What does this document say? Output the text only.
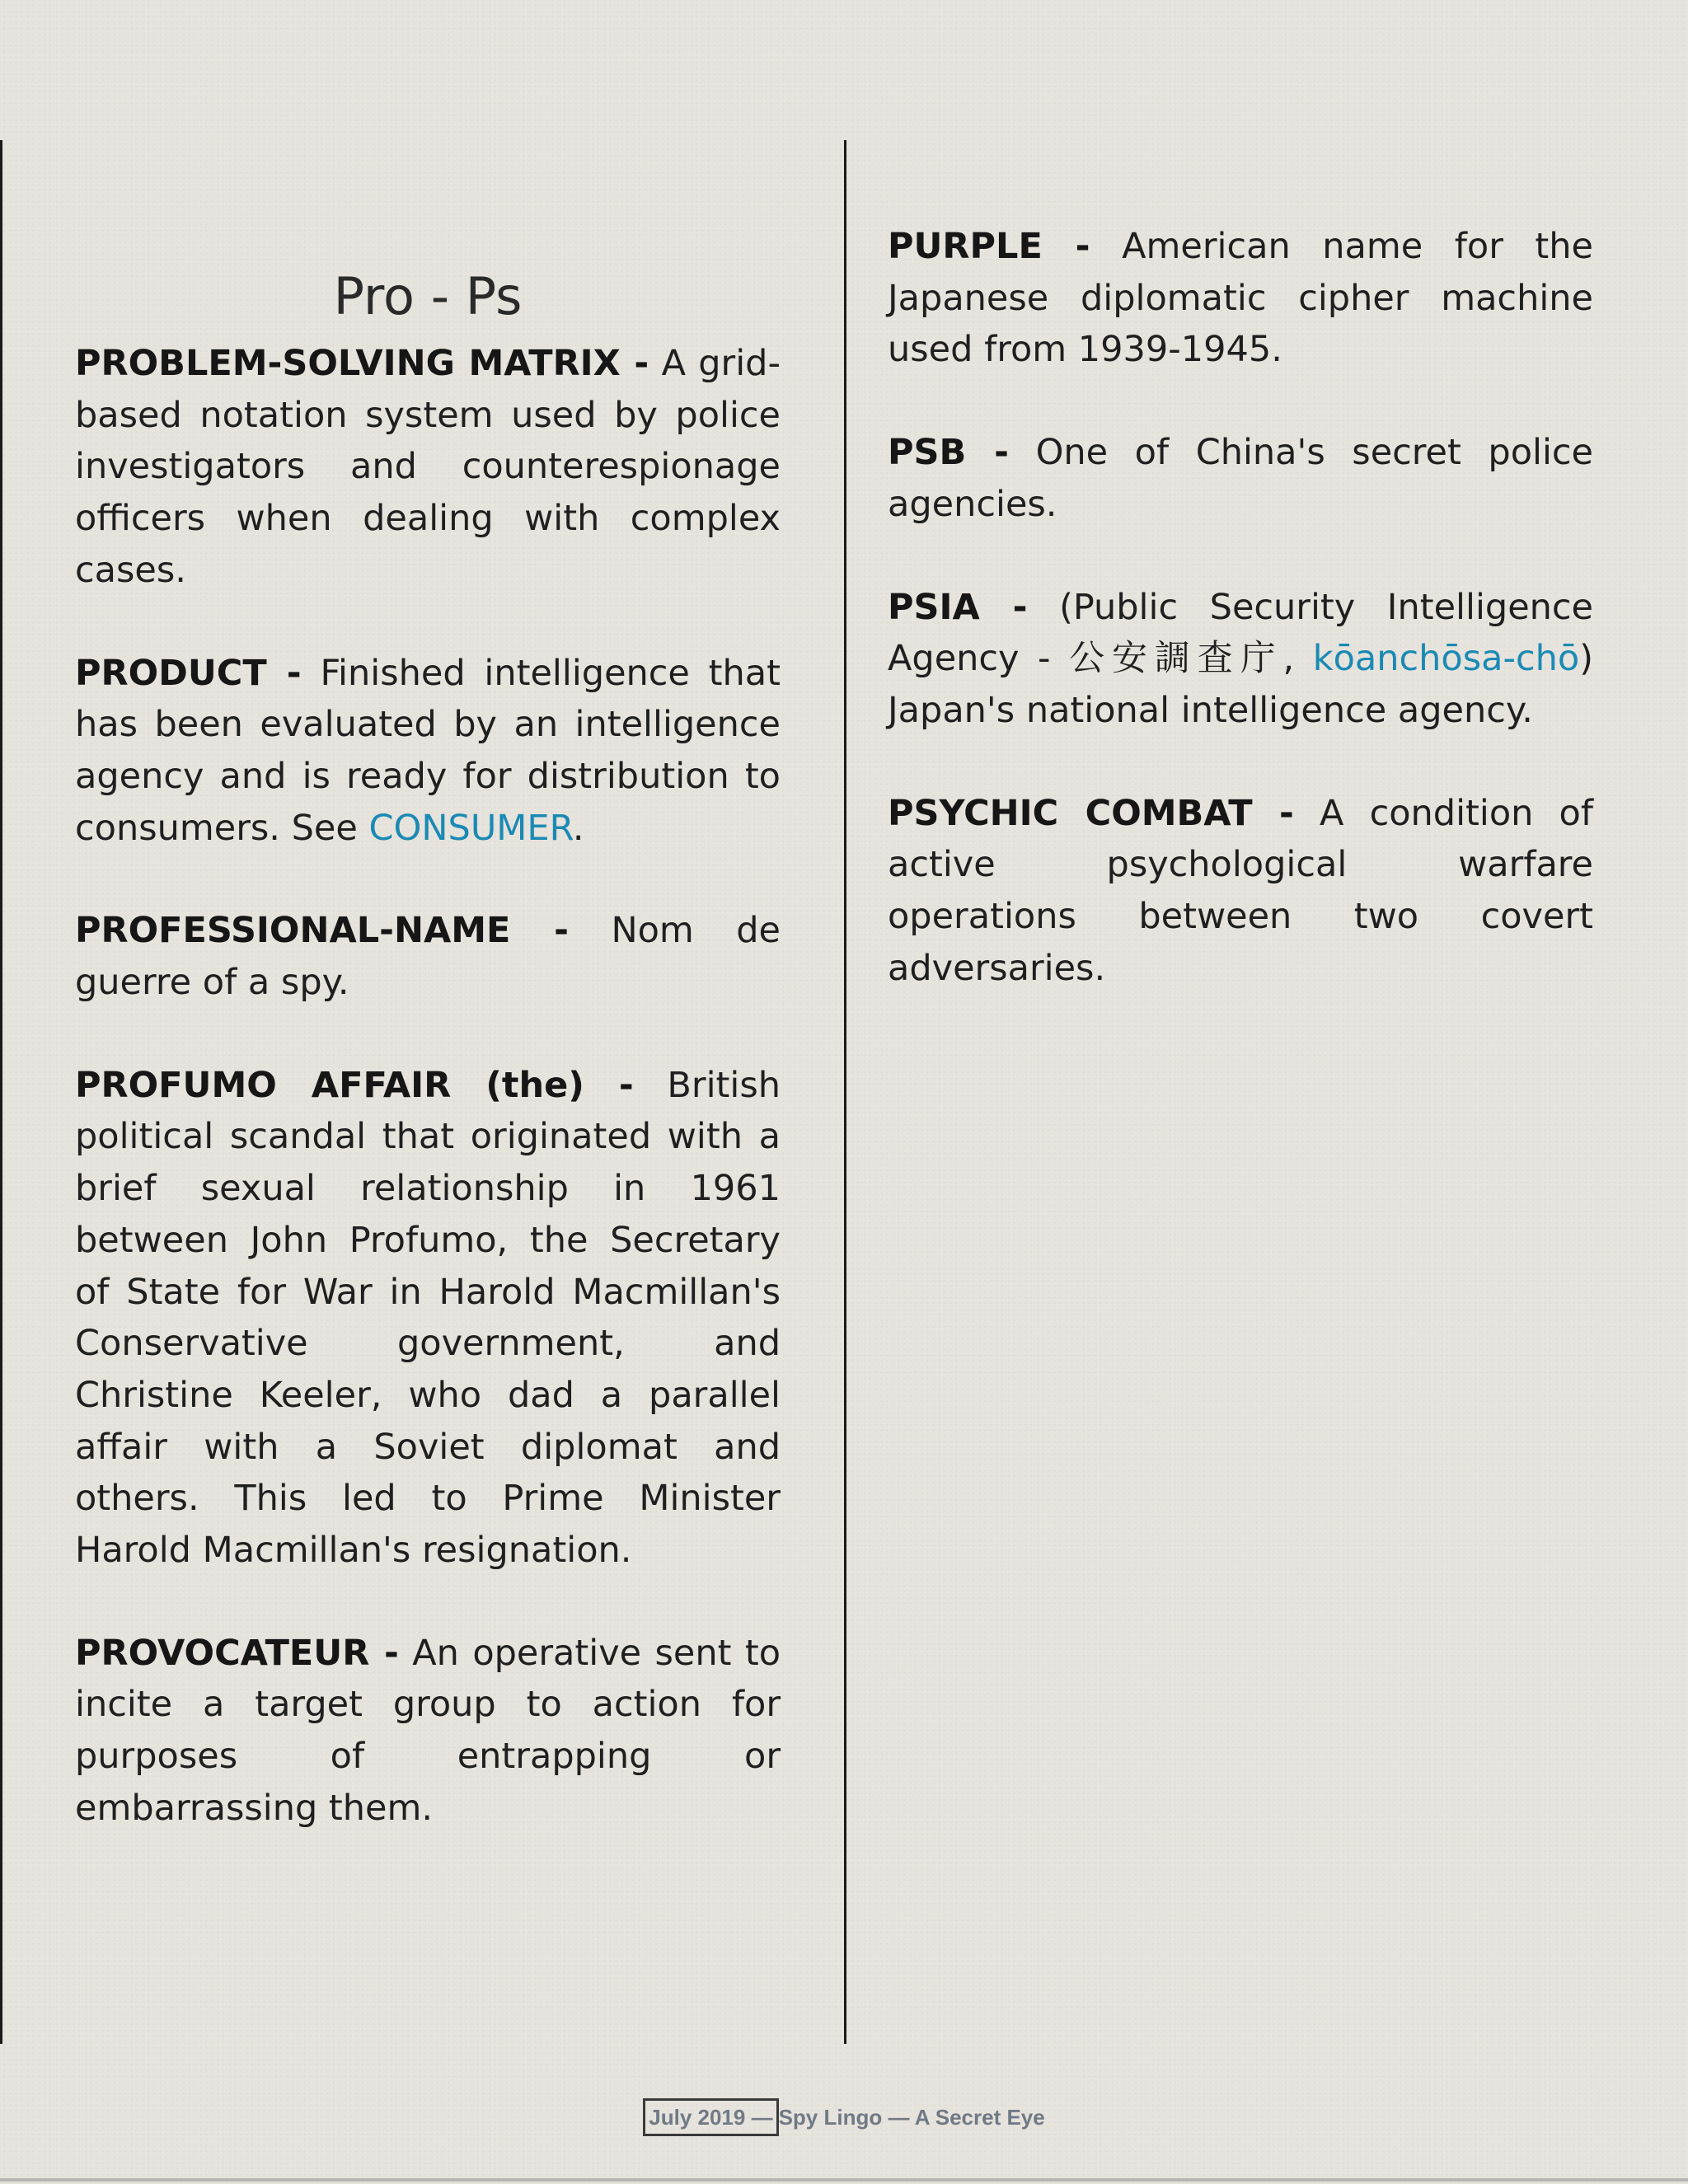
Pro - Ps

PROBLEM-SOLVING MATRIX - A grid-based notation system used by police investigators and counterespionage officers when dealing with complex cases.

PRODUCT - Finished intelligence that has been evaluated by an intelligence agency and is ready for distribution to consumers. See CONSUMER.

PROFESSIONAL-NAME - Nom de guerre of a spy.

PROFUMO AFFAIR (the) - British political scandal that originated with a brief sexual relationship in 1961 between John Profumo, the Secretary of State for War in Harold Macmillan's Conservative government, and Christine Keeler, who dad a parallel affair with a Soviet diplomat and others. This led to Prime Minister Harold Macmillan's resignation.

PROVOCATEUR - An operative sent to incite a target group to action for purposes of entrapping or embarrassing them.

PURPLE - American name for the Japanese diplomatic cipher machine used from 1939-1945.

PSB - One of China's secret police agencies.

PSIA - (Public Security Intelligence Agency - 公安調査庁, kōanchōsa-chō) Japan's national intelligence agency.

PSYCHIC COMBAT - A condition of active psychological warfare operations between two covert adversaries.

July 2019 — Spy Lingo — A Secret Eye
